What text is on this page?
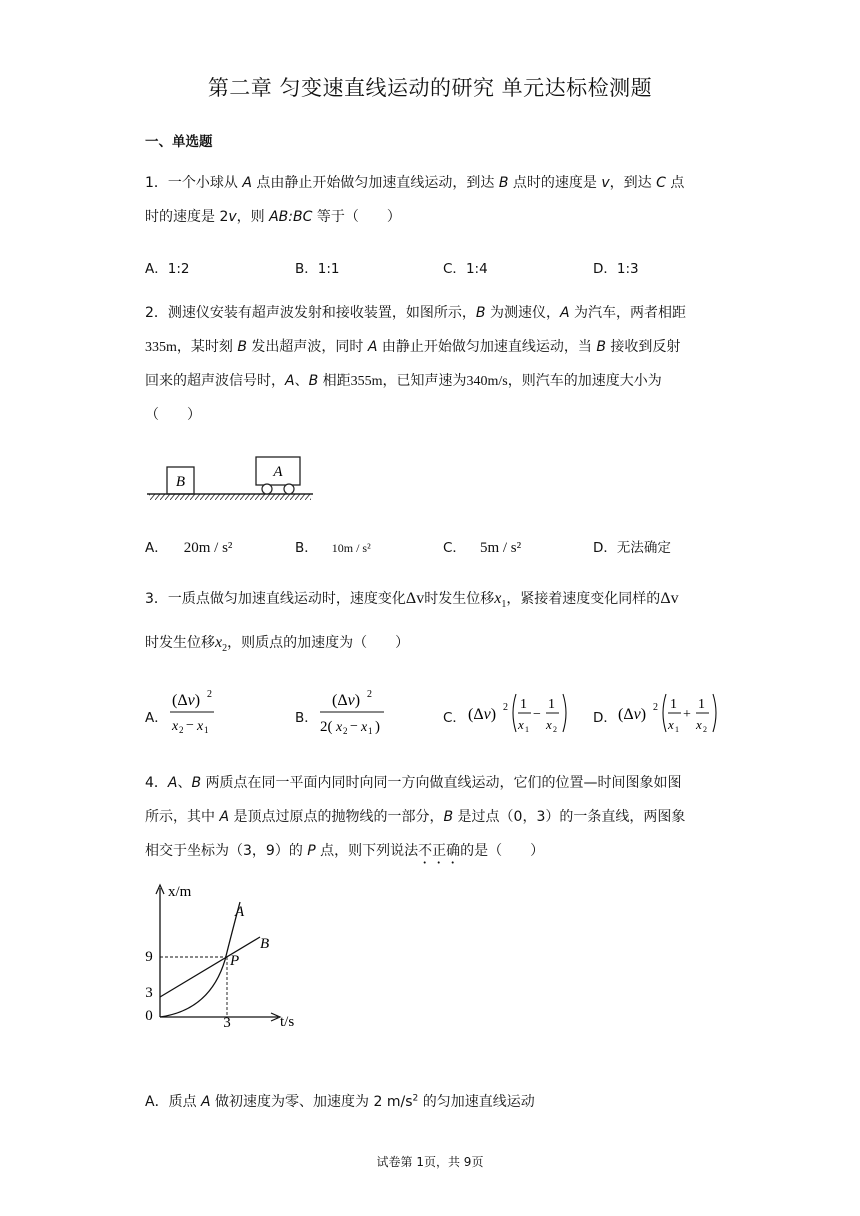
第二章 匀变速直线运动的研究 单元达标检测题
一、单选题
1．一个小球从 A 点由静止开始做匀加速直线运动，到达 B 点时的速度是 v，到达 C 点
时的速度是 2v，则 AB:BC 等于（　　）
A．1:2	B．1:1	C．1:4	D．1:3
2．测速仪安装有超声波发射和接收装置，如图所示，B 为测速仪，A 为汽车，两者相距
335m，某时刻 B 发出超声波，同时 A 由静止开始做匀加速直线运动，当 B 接收到反射
回来的超声波信号时，A、B 相距355m，已知声速为340m/s，则汽车的加速度大小为
（　　）
B
A
A． 20m / s²	B． 10m / s²	C． 5m / s²	D．无法确定
3．一质点做匀加速直线运动时，速度变化Δv时发生位移$x_1$，紧接着速度变化同样的Δv
时发生位移$x_2$，则质点的加速度为（　　）
A．
(Δv) 2
x 2 − x 1
B．
(Δv) 2
2( x 2 − x 1 )
C． (Δv) 2 1
x 1
−
1
x 2
D． (Δv) 2 1
x 1
+
1
x 2
4．A、B 两质点在同一平面内同时向同一方向做直线运动，它们的位置—时间图象如图
所示，其中 A 是顶点过原点的抛物线的一部分，B 是过点（0，3）的一条直线，两图象
相交于坐标为（3，9）的 P 点，则下列说法不正确的是（　　）
x/m
t/s
9
3
0	3
A
B
P
A．质点 A 做初速度为零、加速度为 2 $m/s^2$ 的匀加速直线运动
试卷第 1页，共 9页
